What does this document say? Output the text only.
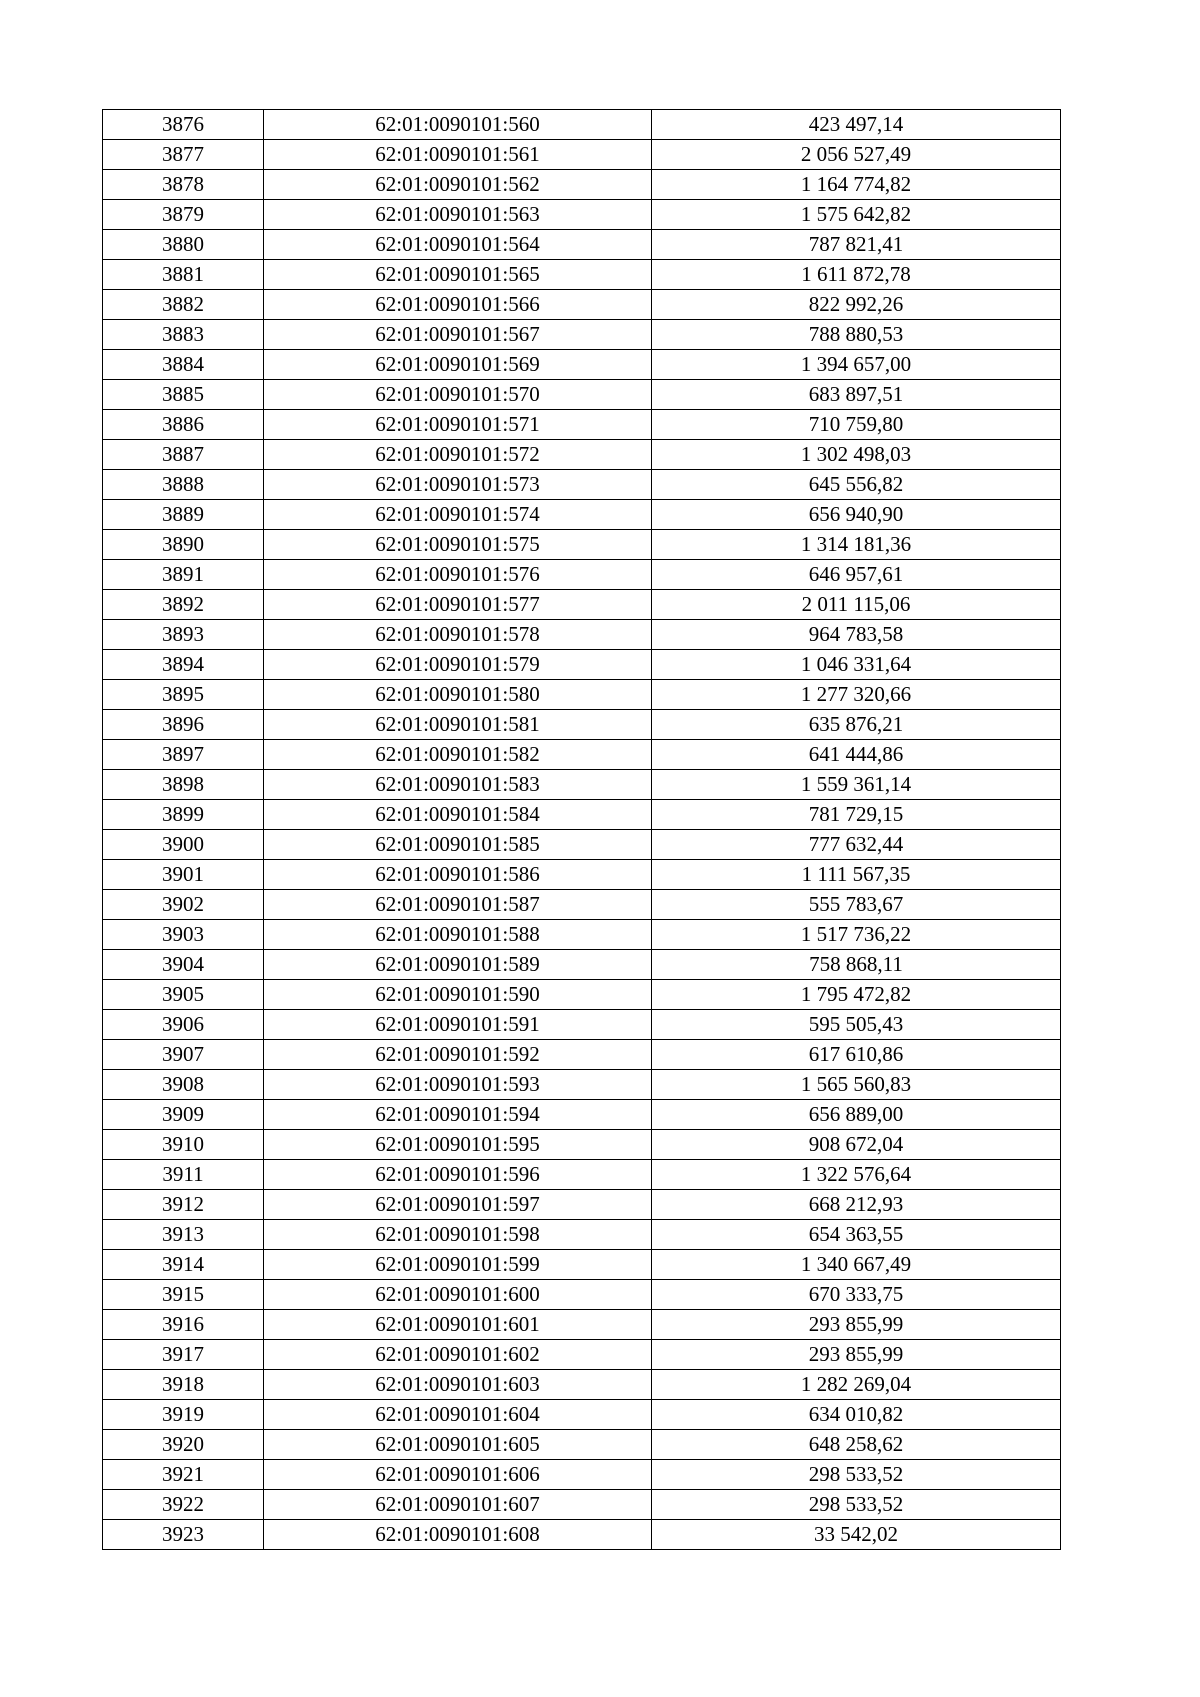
3876	62:01:0090101:560	423 497,14
3877	62:01:0090101:561	2 056 527,49
3878	62:01:0090101:562	1 164 774,82
3879	62:01:0090101:563	1 575 642,82
3880	62:01:0090101:564	787 821,41
3881	62:01:0090101:565	1 611 872,78
3882	62:01:0090101:566	822 992,26
3883	62:01:0090101:567	788 880,53
3884	62:01:0090101:569	1 394 657,00
3885	62:01:0090101:570	683 897,51
3886	62:01:0090101:571	710 759,80
3887	62:01:0090101:572	1 302 498,03
3888	62:01:0090101:573	645 556,82
3889	62:01:0090101:574	656 940,90
3890	62:01:0090101:575	1 314 181,36
3891	62:01:0090101:576	646 957,61
3892	62:01:0090101:577	2 011 115,06
3893	62:01:0090101:578	964 783,58
3894	62:01:0090101:579	1 046 331,64
3895	62:01:0090101:580	1 277 320,66
3896	62:01:0090101:581	635 876,21
3897	62:01:0090101:582	641 444,86
3898	62:01:0090101:583	1 559 361,14
3899	62:01:0090101:584	781 729,15
3900	62:01:0090101:585	777 632,44
3901	62:01:0090101:586	1 111 567,35
3902	62:01:0090101:587	555 783,67
3903	62:01:0090101:588	1 517 736,22
3904	62:01:0090101:589	758 868,11
3905	62:01:0090101:590	1 795 472,82
3906	62:01:0090101:591	595 505,43
3907	62:01:0090101:592	617 610,86
3908	62:01:0090101:593	1 565 560,83
3909	62:01:0090101:594	656 889,00
3910	62:01:0090101:595	908 672,04
3911	62:01:0090101:596	1 322 576,64
3912	62:01:0090101:597	668 212,93
3913	62:01:0090101:598	654 363,55
3914	62:01:0090101:599	1 340 667,49
3915	62:01:0090101:600	670 333,75
3916	62:01:0090101:601	293 855,99
3917	62:01:0090101:602	293 855,99
3918	62:01:0090101:603	1 282 269,04
3919	62:01:0090101:604	634 010,82
3920	62:01:0090101:605	648 258,62
3921	62:01:0090101:606	298 533,52
3922	62:01:0090101:607	298 533,52
3923	62:01:0090101:608	33 542,02
